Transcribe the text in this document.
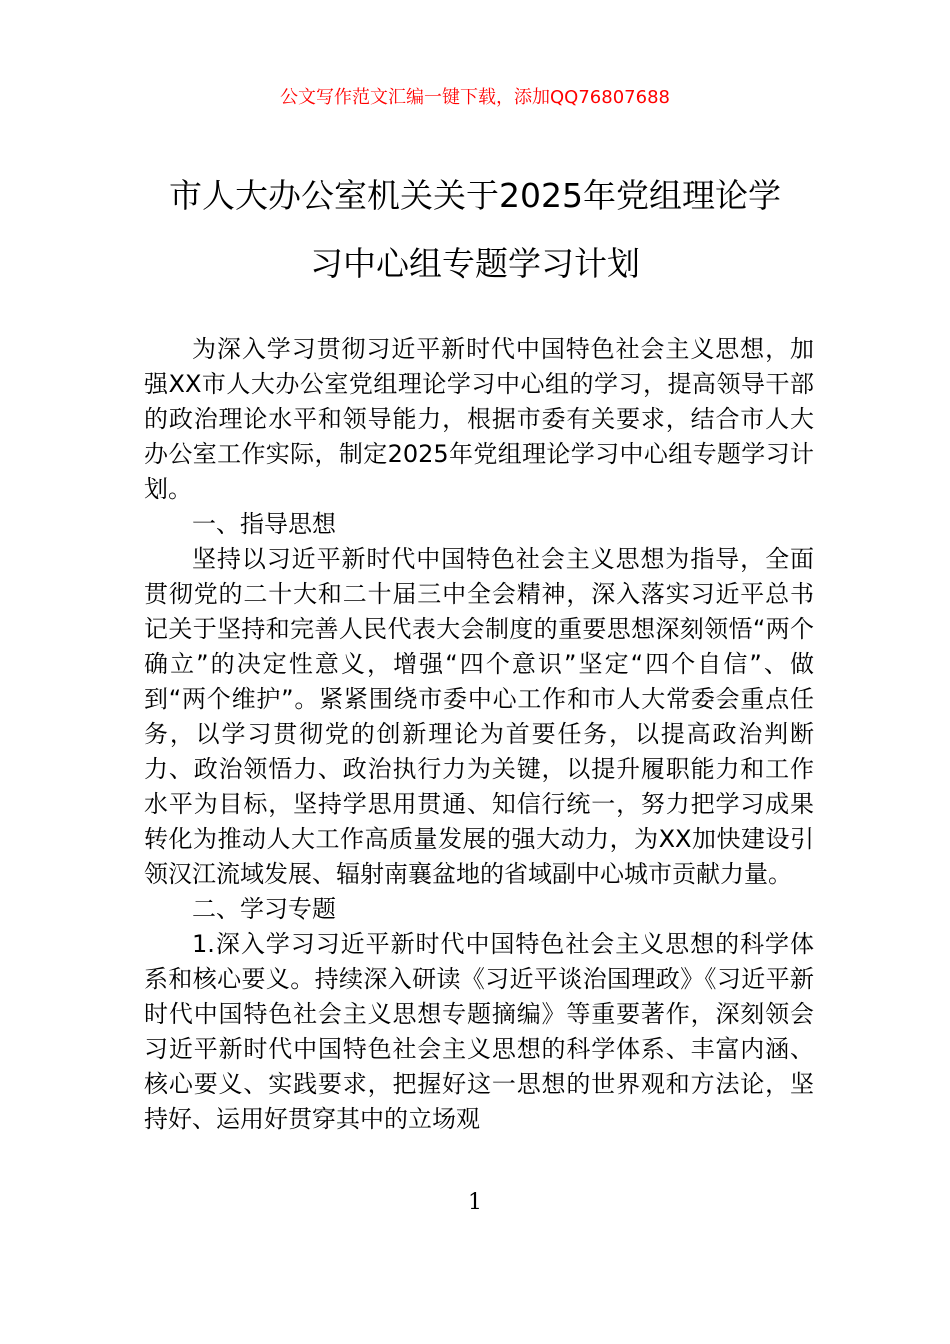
公文写作范文汇编一键下载，添加QQ76807688
市人大办公室机关关于2025年党组理论学
习中心组专题学习计划

为深入学习贯彻习近平新时代中国特色社会主义思想，加强XX市人大办公室党组理论学习中心组的学习，提高领导干部的政治理论水平和领导能力，根据市委有关要求，结合市人大办公室工作实际，制定2025年党组理论学习中心组专题学习计划。

一、指导思想

坚持以习近平新时代中国特色社会主义思想为指导，全面贯彻党的二十大和二十届三中全会精神，深入落实习近平总书记关于坚持和完善人民代表大会制度的重要思想深刻领悟“两个确立”的决定性意义，增强“四个意识”坚定“四个自信”、做到“两个维护”。紧紧围绕市委中心工作和市人大常委会重点任务，以学习贯彻党的创新理论为首要任务，以提高政治判断力、政治领悟力、政治执行力为关键，以提升履职能力和工作水平为目标，坚持学思用贯通、知信行统一，努力把学习成果转化为推动人大工作高质量发展的强大动力，为XX加快建设引领汉江流域发展、辐射南襄盆地的省域副中心城市贡献力量。

二、学习专题

1.深入学习习近平新时代中国特色社会主义思想的科学体系和核心要义。持续深入研读《习近平谈治国理政》《习近平新时代中国特色社会主义思想专题摘编》等重要著作，深刻领会习近平新时代中国特色社会主义思想的科学体系、丰富内涵、核心要义、实践要求，把握好这一思想的世界观和方法论，坚持好、运用好贯穿其中的立场观

1
